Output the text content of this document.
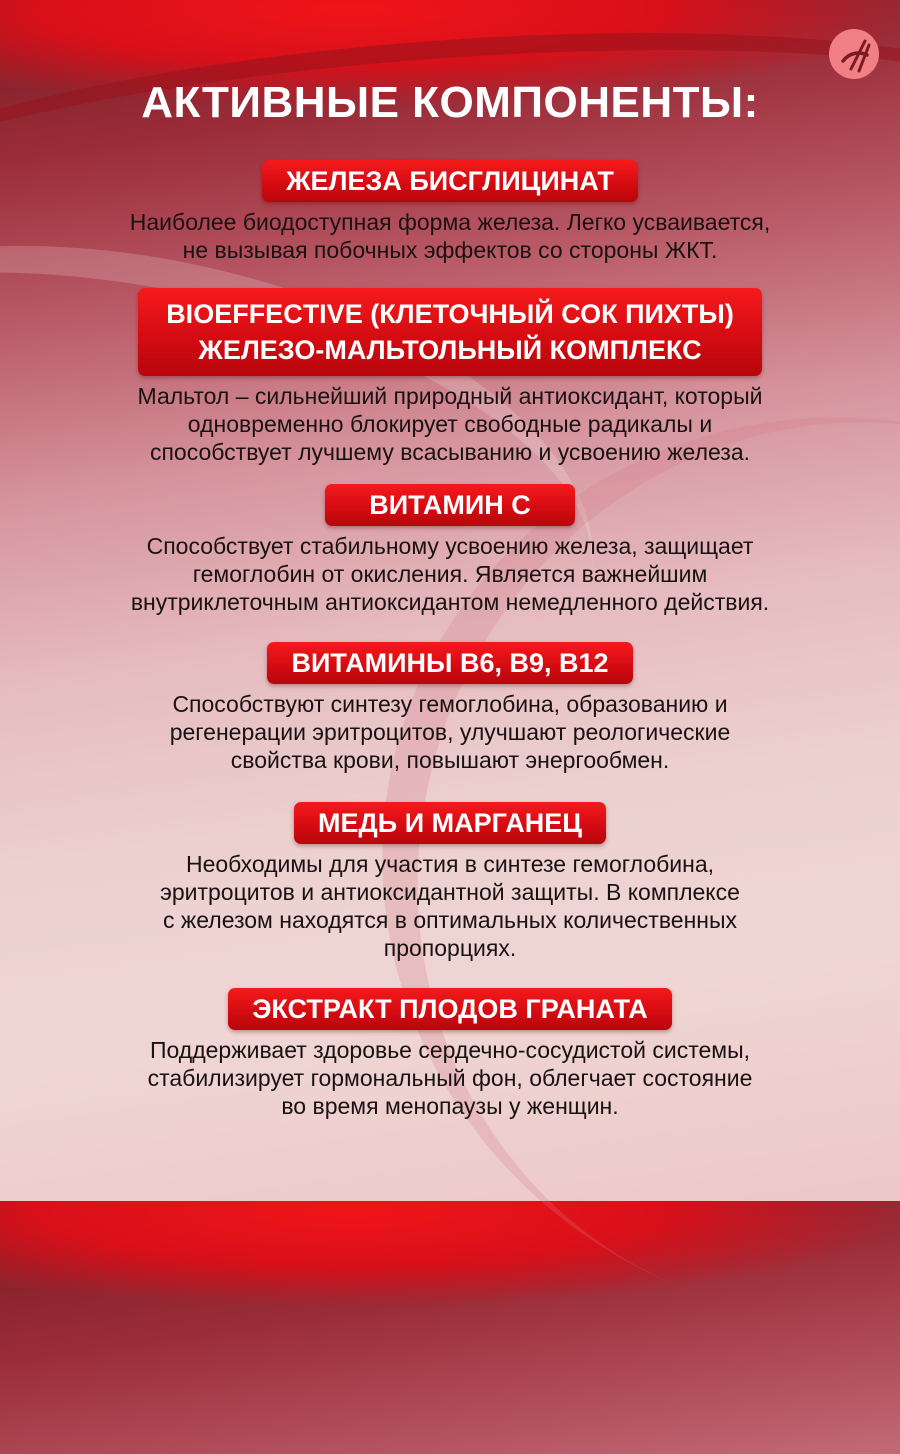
АКТИВНЫЕ КОМПОНЕНТЫ:
ЖЕЛЕЗА БИСГЛИЦИНАТ
Наиболее биодоступная форма железа. Легко усваивается,
не вызывая побочных эффектов со стороны ЖКТ.
BIOEFFECTIVE (КЛЕТОЧНЫЙ СОК ПИХТЫ)
ЖЕЛЕЗО-МАЛЬТОЛЬНЫЙ КОМПЛЕКС
Мальтол – сильнейший природный антиоксидант, который
одновременно блокирует свободные радикалы и
способствует лучшему всасыванию и усвоению железа.
ВИТАМИН С
Способствует стабильному усвоению железа, защищает
гемоглобин от окисления. Является важнейшим
внутриклеточным антиоксидантом немедленного действия.
ВИТАМИНЫ B6, B9, B12
Способствуют синтезу гемоглобина, образованию и
регенерации эритроцитов, улучшают реологические
свойства крови, повышают энергообмен.
МЕДЬ И МАРГАНЕЦ
Необходимы для участия в синтезе гемоглобина,
эритроцитов и антиоксидантной защиты. В комплексе
с железом находятся в оптимальных количественных
пропорциях.
ЭКСТРАКТ ПЛОДОВ ГРАНАТА
Поддерживает здоровье сердечно-сосудистой системы,
стабилизирует гормональный фон, облегчает состояние
во время менопаузы у женщин.
